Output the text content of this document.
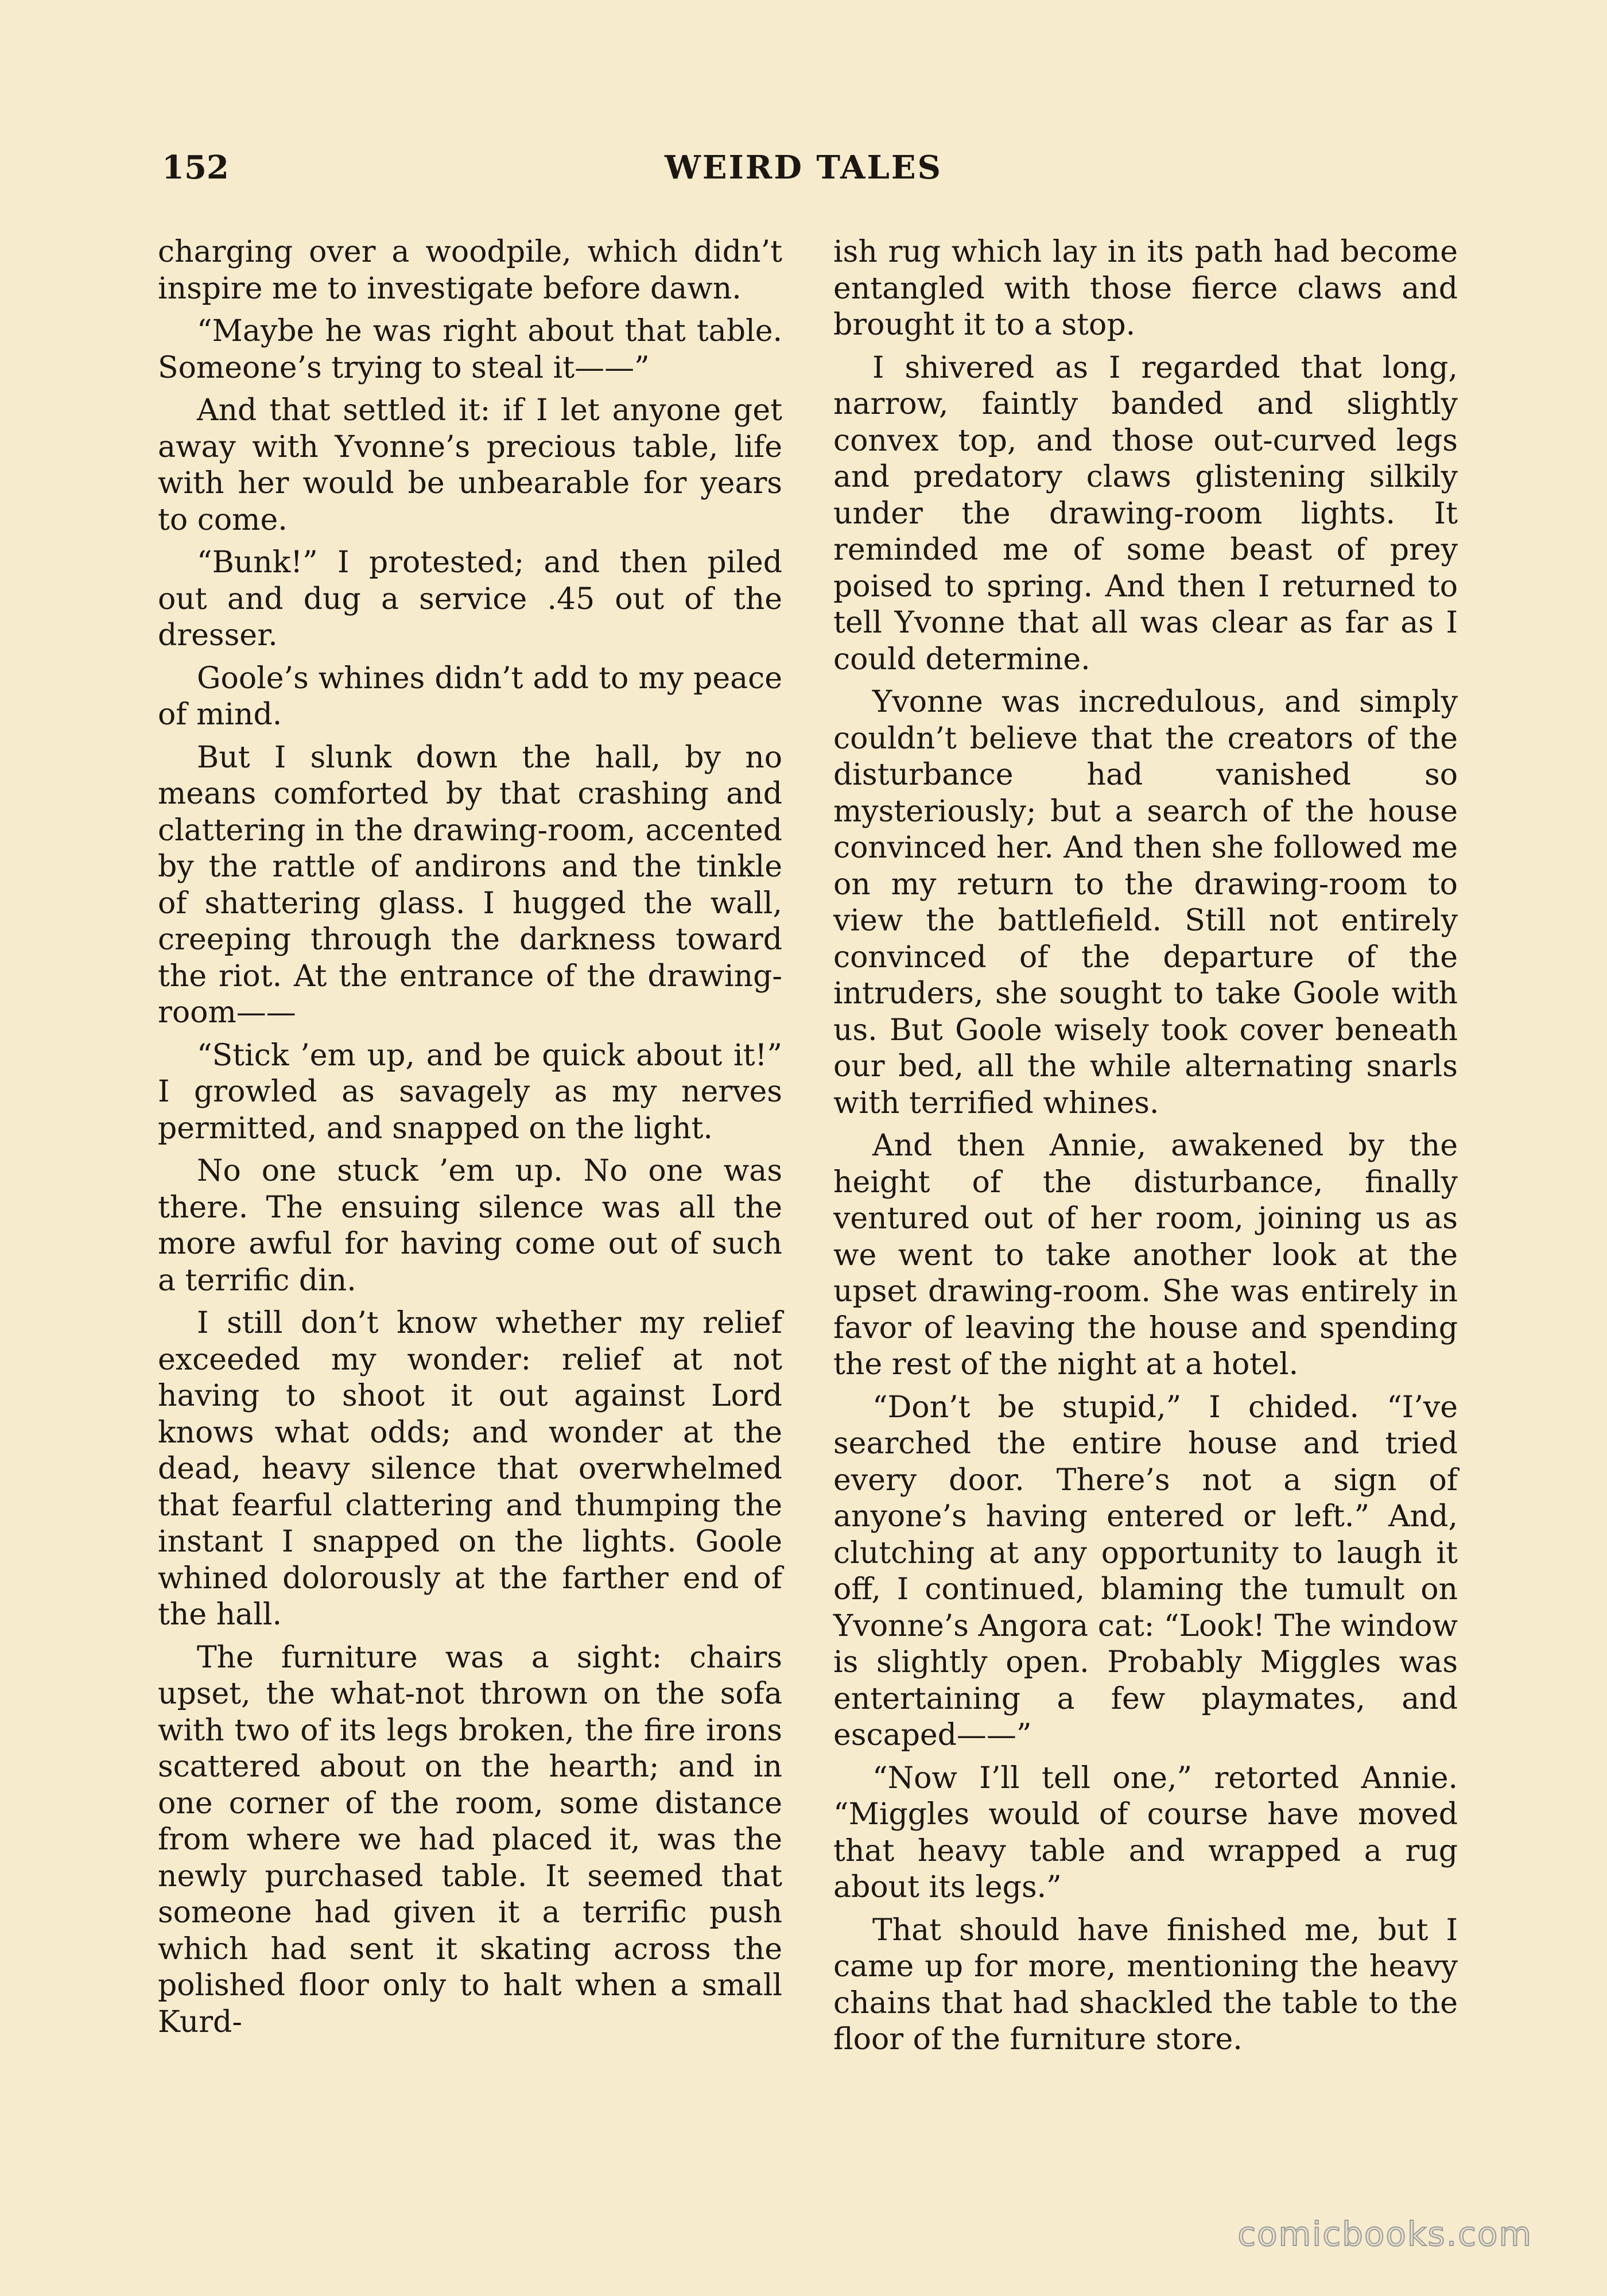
152	WEIRD TALES

charging over a woodpile, which didn’t inspire me to investigate before dawn.

“Maybe he was right about that table. Someone’s trying to steal it——”

And that settled it: if I let anyone get away with Yvonne’s precious table, life with her would be unbearable for years to come.

“Bunk!” I protested; and then piled out and dug a service .45 out of the dresser.

Goole’s whines didn’t add to my peace of mind.

But I slunk down the hall, by no means comforted by that crashing and clattering in the drawing-room, accented by the rattle of andirons and the tinkle of shattering glass. I hugged the wall, creeping through the darkness toward the riot. At the entrance of the drawing-room——

“Stick ’em up, and be quick about it!” I growled as savagely as my nerves permitted, and snapped on the light.

No one stuck ’em up. No one was there. The ensuing silence was all the more awful for having come out of such a terrific din.

I still don’t know whether my relief exceeded my wonder: relief at not having to shoot it out against Lord knows what odds; and wonder at the dead, heavy silence that overwhelmed that fearful clattering and thumping the instant I snapped on the lights. Goole whined dolorously at the farther end of the hall.

The furniture was a sight: chairs upset, the what-not thrown on the sofa with two of its legs broken, the fire irons scattered about on the hearth; and in one corner of the room, some distance from where we had placed it, was the newly purchased table. It seemed that someone had given it a terrific push which had sent it skating across the polished floor only to halt when a small Kurd-

ish rug which lay in its path had become entangled with those fierce claws and brought it to a stop.

I shivered as I regarded that long, narrow, faintly banded and slightly convex top, and those out-curved legs and predatory claws glistening silkily under the drawing-room lights. It reminded me of some beast of prey poised to spring. And then I returned to tell Yvonne that all was clear as far as I could determine.

Yvonne was incredulous, and simply couldn’t believe that the creators of the disturbance had vanished so mysteriously; but a search of the house convinced her. And then she followed me on my return to the drawing-room to view the battlefield. Still not entirely convinced of the departure of the intruders, she sought to take Goole with us. But Goole wisely took cover beneath our bed, all the while alternating snarls with terrified whines.

And then Annie, awakened by the height of the disturbance, finally ventured out of her room, joining us as we went to take another look at the upset drawing-room. She was entirely in favor of leaving the house and spending the rest of the night at a hotel.

“Don’t be stupid,” I chided. “I’ve searched the entire house and tried every door. There’s not a sign of anyone’s having entered or left.” And, clutching at any opportunity to laugh it off, I continued, blaming the tumult on Yvonne’s Angora cat: “Look! The window is slightly open. Probably Miggles was entertaining a few playmates, and escaped——”

“Now I’ll tell one,” retorted Annie. “Miggles would of course have moved that heavy table and wrapped a rug about its legs.”

That should have finished me, but I came up for more, mentioning the heavy chains that had shackled the table to the floor of the furniture store.

comicbooks.com
